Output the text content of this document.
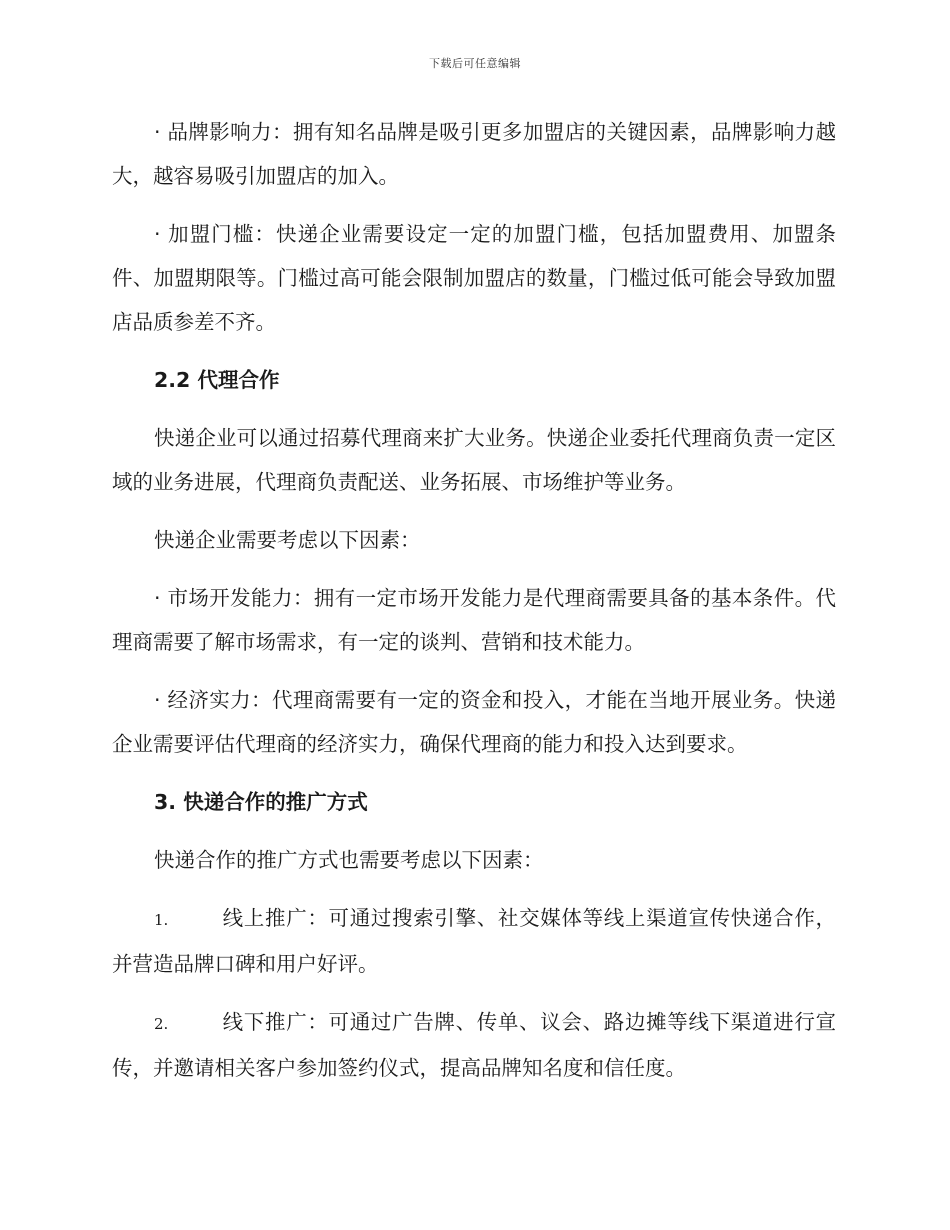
下载后可任意编辑

· 品牌影响力：拥有知名品牌是吸引更多加盟店的关键因素，品牌影响力越大，越容易吸引加盟店的加入。

· 加盟门槛：快递企业需要设定一定的加盟门槛，包括加盟费用、加盟条件、加盟期限等。门槛过高可能会限制加盟店的数量，门槛过低可能会导致加盟店品质参差不齐。

2.2 代理合作

快递企业可以通过招募代理商来扩大业务。快递企业委托代理商负责一定区域的业务进展，代理商负责配送、业务拓展、市场维护等业务。

快递企业需要考虑以下因素：

· 市场开发能力：拥有一定市场开发能力是代理商需要具备的基本条件。代理商需要了解市场需求，有一定的谈判、营销和技术能力。

· 经济实力：代理商需要有一定的资金和投入，才能在当地开展业务。快递企业需要评估代理商的经济实力，确保代理商的能力和投入达到要求。

3. 快递合作的推广方式

快递合作的推广方式也需要考虑以下因素：

1.	线上推广：可通过搜索引擎、社交媒体等线上渠道宣传快递合作，并营造品牌口碑和用户好评。

2.	线下推广：可通过广告牌、传单、议会、路边摊等线下渠道进行宣传，并邀请相关客户参加签约仪式，提高品牌知名度和信任度。
